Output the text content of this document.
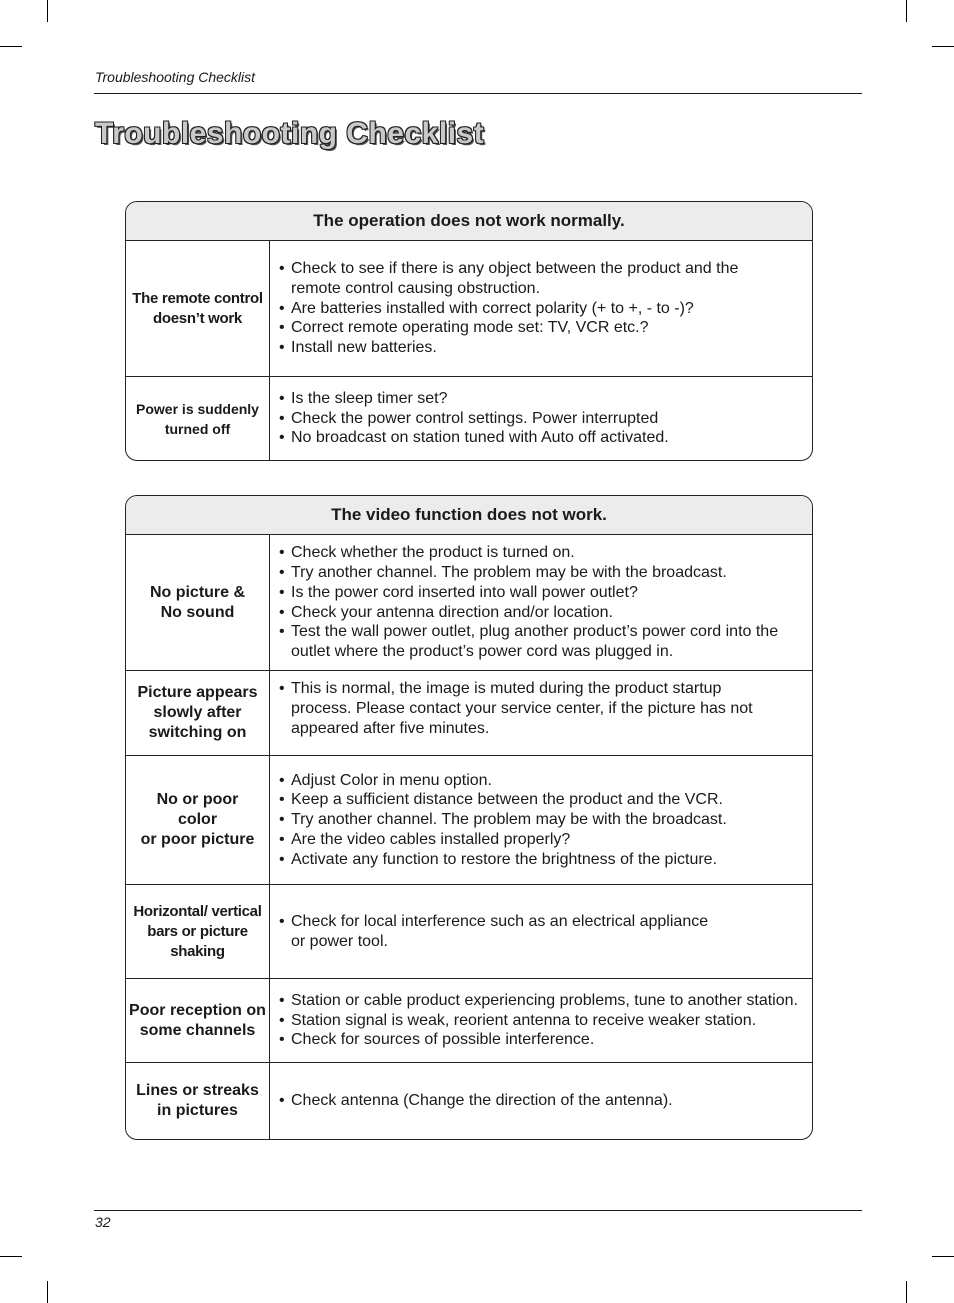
Troubleshooting Checklist
Troubleshooting Checklist
The operation does not work normally.
The remote control
doesn’t work
• Check to see if there is any object between the product and the
remote control causing obstruction.
• Are batteries installed with correct polarity (+ to +, - to -)?
• Correct remote operating mode set: TV, VCR etc.?
• Install new batteries.
Power is suddenly
turned off
• Is the sleep timer set?
• Check the power control settings. Power interrupted
• No broadcast on station tuned with Auto off activated.
The video function does not work.
No picture &
No sound
• Check whether the product is turned on.
• Try another channel. The problem may be with the broadcast.
• Is the power cord inserted into wall power outlet?
• Check your antenna direction and/or location.
• Test the wall power outlet, plug another product’s power cord into the
outlet where the product’s power cord was plugged in.
Picture appears
slowly after
switching on
• This is normal, the image is muted during the product startup
process. Please contact your service center, if the picture has not
appeared after five minutes.
No or poor
color
or poor picture
• Adjust Color in menu option.
• Keep a sufficient distance between the product and the VCR.
• Try another channel. The problem may be with the broadcast.
• Are the video cables installed properly?
• Activate any function to restore the brightness of the picture.
Horizontal/ vertical
bars or picture
shaking
• Check for local interference such as an electrical appliance
or power tool.
Poor reception on
some channels
• Station or cable product experiencing problems, tune to another station.
• Station signal is weak, reorient antenna to receive weaker station.
• Check for sources of possible interference.
Lines or streaks
in pictures
• Check antenna (Change the direction of the antenna).
32
